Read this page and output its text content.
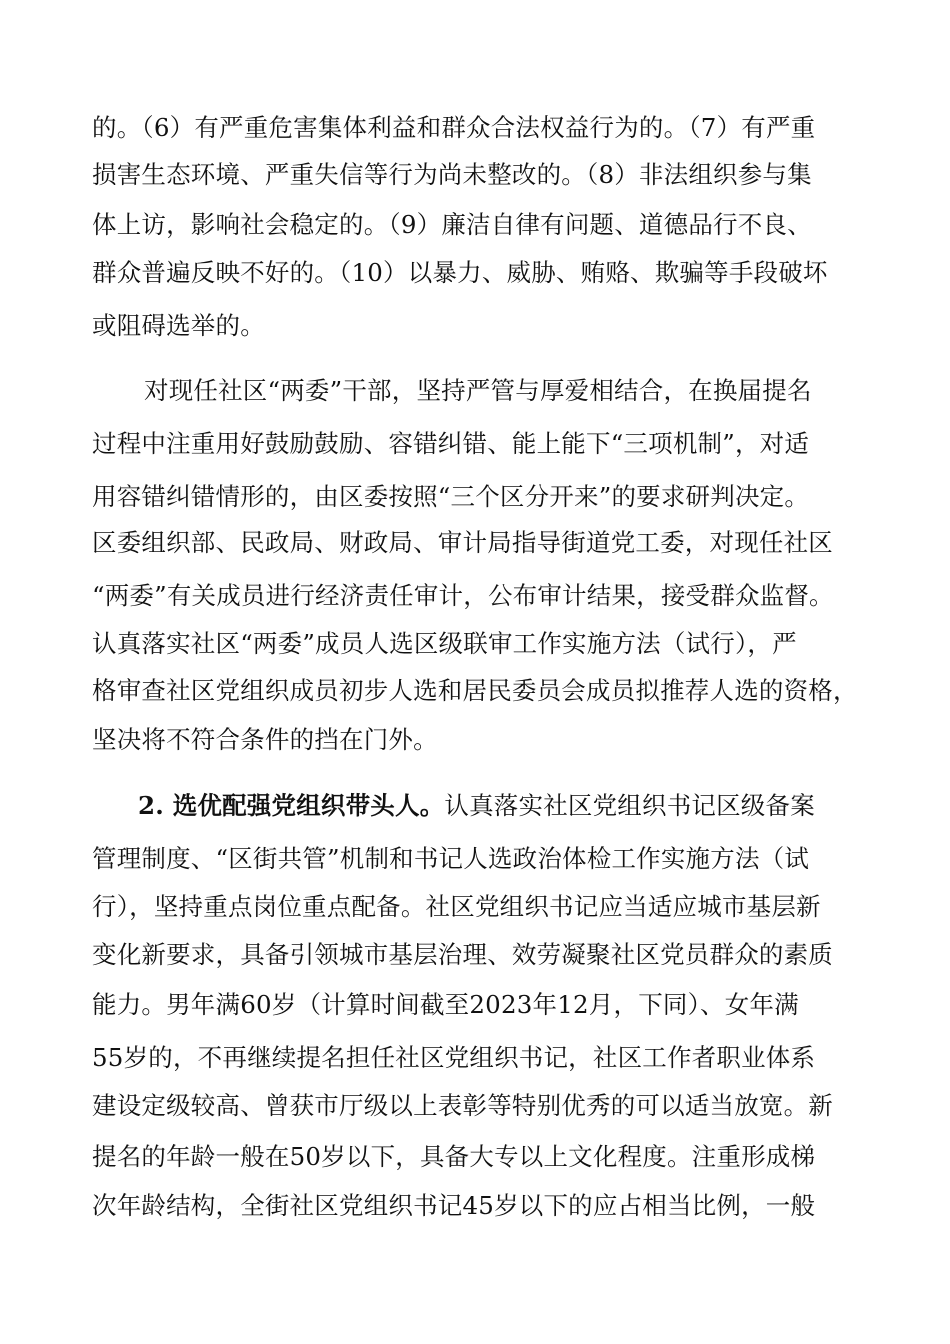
的。（6）有严重危害集体利益和群众合法权益行为的。（7）有严重
损害生态环境、严重失信等行为尚未整改的。（8）非法组织参与集
体上访，影响社会稳定的。（9）廉洁自律有问题、道德品行不良、
群众普遍反映不好的。（10）以暴力、威胁、贿赂、欺骗等手段破坏
或阻碍选举的。
对现任社区“两委”干部，坚持严管与厚爱相结合，在换届提名
过程中注重用好鼓励鼓励、容错纠错、能上能下“三项机制”，对适
用容错纠错情形的，由区委按照“三个区分开来”的要求研判决定。
区委组织部、民政局、财政局、审计局指导街道党工委，对现任社区
“两委”有关成员进行经济责任审计，公布审计结果，接受群众监督。
认真落实社区“两委”成员人选区级联审工作实施方法（试行），严
格审查社区党组织成员初步人选和居民委员会成员拟推荐人选的资格，
坚决将不符合条件的挡在门外。
2. 选优配强党组织带头人。认真落实社区党组织书记区级备案
管理制度、“区街共管”机制和书记人选政治体检工作实施方法（试
行），坚持重点岗位重点配备。社区党组织书记应当适应城市基层新
变化新要求，具备引领城市基层治理、效劳凝聚社区党员群众的素质
能力。男年满60岁（计算时间截至2023年12月，下同）、女年满
55岁的，不再继续提名担任社区党组织书记，社区工作者职业体系
建设定级较高、曾获市厅级以上表彰等特别优秀的可以适当放宽。新
提名的年龄一般在50岁以下，具备大专以上文化程度。注重形成梯
次年龄结构，全街社区党组织书记45岁以下的应占相当比例，一般
